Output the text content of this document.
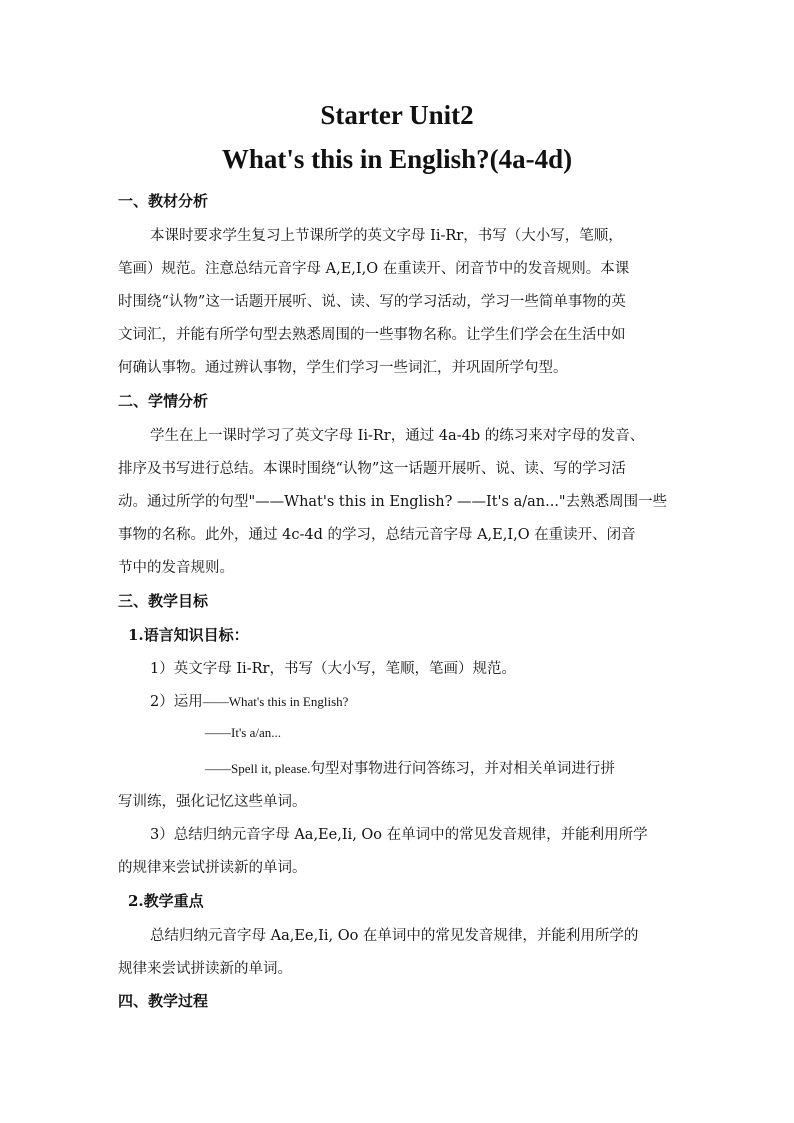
Starter Unit2
What's this in English?(4a-4d)
一、教材分析
本课时要求学生复习上节课所学的英文字母 Ii-Rr，书写（大小写，笔顺，
笔画）规范。注意总结元音字母 A,E,I,O 在重读开、闭音节中的发音规则。本课
时围绕“认物”这一话题开展听、说、读、写的学习活动，学习一些简单事物的英
文词汇，并能有所学句型去熟悉周围的一些事物名称。让学生们学会在生活中如
何确认事物。通过辨认事物，学生们学习一些词汇，并巩固所学句型。
二、学情分析
学生在上一课时学习了英文字母 Ii-Rr，通过 4a-4b 的练习来对字母的发音、
排序及书写进行总结。本课时围绕“认物”这一话题开展听、说、读、写的学习活
动。通过所学的句型"——What's this in English? ——It's a/an..."去熟悉周围一些
事物的名称。此外，通过 4c-4d 的学习，总结元音字母 A,E,I,O 在重读开、闭音
节中的发音规则。
三、教学目标
1.语言知识目标：
1）英文字母 Ii-Rr，书写（大小写，笔顺，笔画）规范。
2）运用——What's this in English?
——It's a/an...
——Spell it, please.句型对事物进行问答练习，并对相关单词进行拼
写训练，强化记忆这些单词。
3）总结归纳元音字母 Aa,Ee,Ii, Oo 在单词中的常见发音规律，并能利用所学
的规律来尝试拼读新的单词。
2.教学重点
总结归纳元音字母 Aa,Ee,Ii, Oo 在单词中的常见发音规律，并能利用所学的
规律来尝试拼读新的单词。
四、教学过程
